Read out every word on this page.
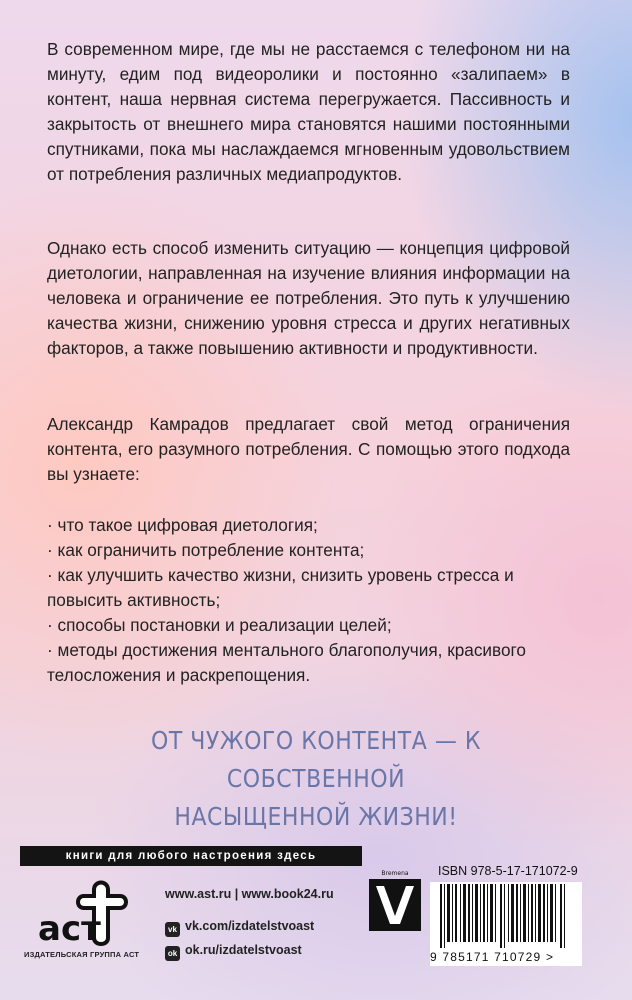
В современном мире, где мы не расстаемся с телефоном ни на минуту, едим под видеоролики и постоянно «залипаем» в контент, наша нервная система перегружается. Пассивность и закрытость от внешнего мира становятся нашими постоянными спутниками, пока мы наслаждаемся мгновенным удовольствием от потребления различных медиапродуктов.
Однако есть способ изменить ситуацию — концепция цифровой диетологии, направленная на изучение влияния информации на человека и ограничение ее потребления. Это путь к улучшению качества жизни, снижению уровня стресса и других негативных факторов, а также повышению активности и продуктивности.
Александр Камрадов предлагает свой метод ограничения контента, его разумного потребления. С помощью этого подхода вы узнаете:
· что такое цифровая диетология;
· как ограничить потребление контента;
· как улучшить качество жизни, снизить уровень стресса и повысить активность;
· способы постановки и реализации целей;
· методы достижения ментального благополучия, красивого телосложения и раскрепощения.
ОТ ЧУЖОГО КОНТЕНТА — К СОБСТВЕННОЙ
НАСЫЩЕННОЙ ЖИЗНИ!
книги для любого настроения здесь
аст
ИЗДАТЕЛЬСКАЯ ГРУППА АСТ
www.ast.ru | www.book24.ru
vk vk.com/izdatelstvoast
ok ok.ru/izdatelstvoast
Вremena ISBN 978-5-17-171072-9
9 785171 710729 >
